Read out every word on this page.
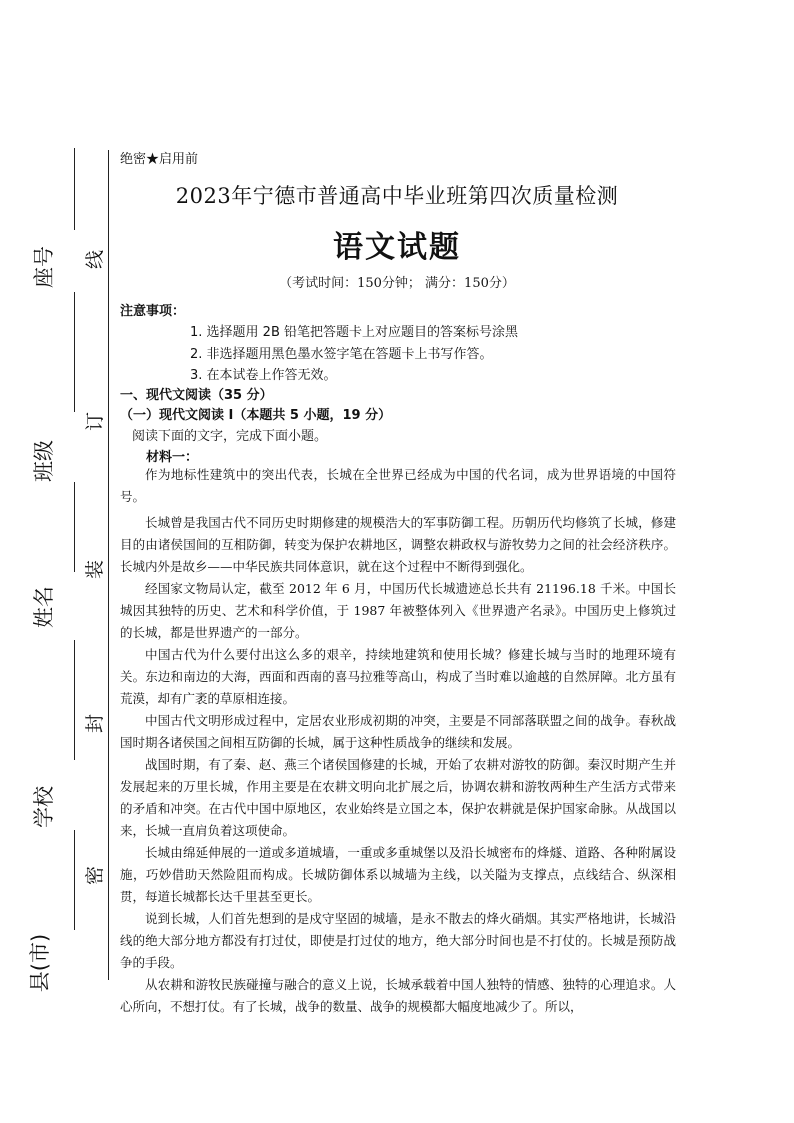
座号
班级
姓名
学校
县(市)
线
订
装
封
密
绝密★启用前
2023年宁德市普通高中毕业班第四次质量检测
语文试题
（考试时间：150分钟； 满分：150分）
注意事项：
1. 选择题用 2B 铅笔把答题卡上对应题目的答案标号涂黑
2. 非选择题用黑色墨水签字笔在答题卡上书写作答。
3. 在本试卷上作答无效。
一、现代文阅读（35 分）
（一）现代文阅读 I（本题共 5 小题，19 分）
阅读下面的文字，完成下面小题。
材料一：

作为地标性建筑中的突出代表，长城在全世界已经成为中国的代名词，成为世界语境的中国符号。

长城曾是我国古代不同历史时期修建的规模浩大的军事防御工程。历朝历代均修筑了长城，修建目的由诸侯国间的互相防御，转变为保护农耕地区，调整农耕政权与游牧势力之间的社会经济秩序。长城内外是故乡——中华民族共同体意识，就在这个过程中不断得到强化。

经国家文物局认定，截至 2012 年 6 月，中国历代长城遗迹总长共有 21196.18 千米。中国长城因其独特的历史、艺术和科学价值，于 1987 年被整体列入《世界遗产名录》。中国历史上修筑过的长城，都是世界遗产的一部分。

中国古代为什么要付出这么多的艰辛，持续地建筑和使用长城？修建长城与当时的地理环境有关。东边和南边的大海，西面和西南的喜马拉雅等高山，构成了当时难以逾越的自然屏障。北方虽有荒漠，却有广袤的草原相连接。

中国古代文明形成过程中，定居农业形成初期的冲突，主要是不同部落联盟之间的战争。春秋战国时期各诸侯国之间相互防御的长城，属于这种性质战争的继续和发展。

战国时期，有了秦、赵、燕三个诸侯国修建的长城，开始了农耕对游牧的防御。秦汉时期产生并发展起来的万里长城，作用主要是在农耕文明向北扩展之后，协调农耕和游牧两种生产生活方式带来的矛盾和冲突。在古代中国中原地区，农业始终是立国之本，保护农耕就是保护国家命脉。从战国以来，长城一直肩负着这项使命。

长城由绵延伸展的一道或多道城墙，一重或多重城堡以及沿长城密布的烽燧、道路、各种附属设施，巧妙借助天然险阻而构成。长城防御体系以城墙为主线，以关隘为支撑点，点线结合、纵深相贯，每道长城都长达千里甚至更长。

说到长城，人们首先想到的是戍守坚固的城墙，是永不散去的烽火硝烟。其实严格地讲，长城沿线的绝大部分地方都没有打过仗，即使是打过仗的地方，绝大部分时间也是不打仗的。长城是预防战争的手段。

从农耕和游牧民族碰撞与融合的意义上说，长城承载着中国人独特的情感、独特的心理追求。人心所向，不想打仗。有了长城，战争的数量、战争的规模都大幅度地减少了。所以，
